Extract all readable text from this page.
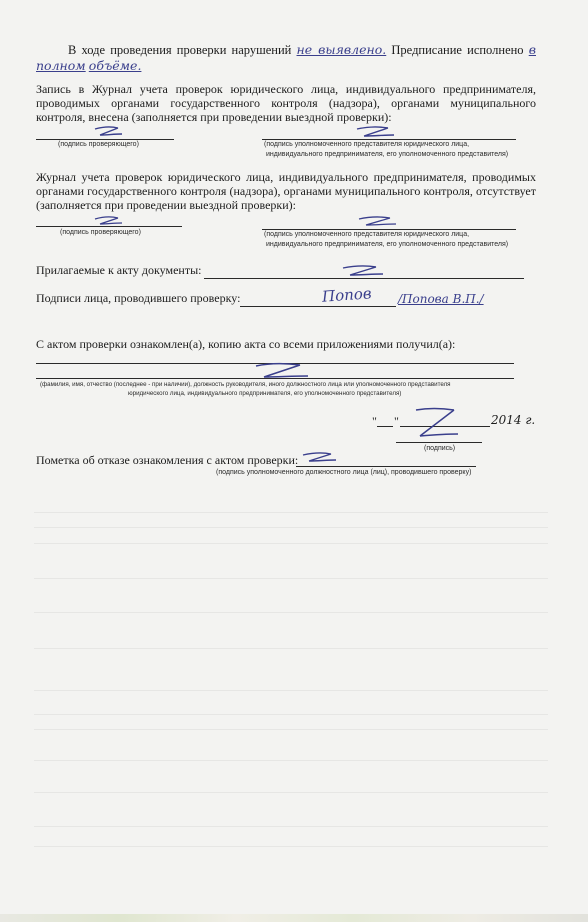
В ходе проведения проверки нарушений не выявлено. Предписание исполнено в полном объёме.
Запись в Журнал учета проверок юридического лица, индивидуального предпринимателя, проводимых органами государственного контроля (надзора), органами муниципального контроля, внесена (заполняется при проведении выездной проверки):
(подпись проверяющего)	(подпись уполномоченного представителя юридического лица,
индивидуального предпринимателя, его уполномоченного представителя)
Журнал учета проверок юридического лица, индивидуального предпринимателя, проводимых органами государственного контроля (надзора), органами муниципального контроля, отсутствует (заполняется при проведении выездной проверки):
(подпись проверяющего)	(подпись уполномоченного представителя юридического лица,
индивидуального предпринимателя, его уполномоченного представителя)
Прилагаемые к акту документы:
Подписи лица, проводившего проверку:	Попов /Попова В.П./
С актом проверки ознакомлен(а), копию акта со всеми приложениями получил(а):
(фамилия, имя, отчество (последнее - при наличии), должность руководителя, иного должностного лица или уполномоченного представителя
юридического лица, индивидуального предпринимателя, его уполномоченного представителя)
" "	2014 г.
(подпись)
Пометка об отказе ознакомления с актом проверки:
(подпись уполномоченного должностного лица (лиц), проводившего проверку)
